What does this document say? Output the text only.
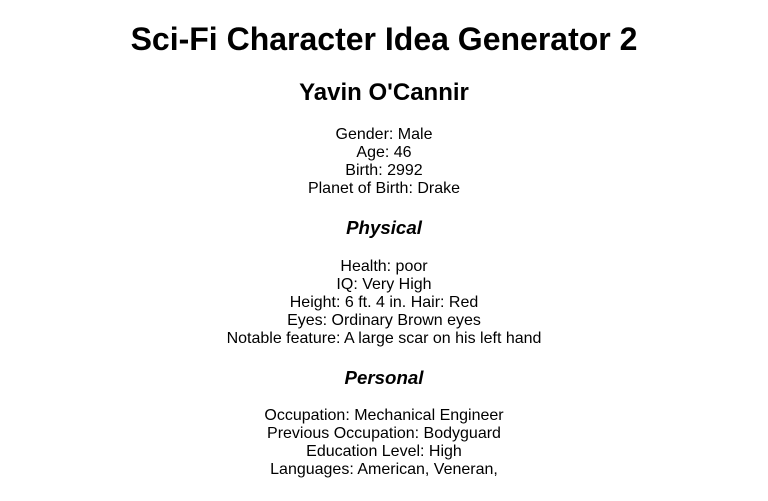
Sci-Fi Character Idea Generator 2
Yavin O'Cannir
Gender: Male
Age: 46
Birth: 2992
Planet of Birth: Drake
Physical
Health: poor
IQ: Very High
Height: 6 ft. 4 in. Hair: Red
Eyes: Ordinary Brown eyes
Notable feature: A large scar on his left hand
Personal
Occupation: Mechanical Engineer
Previous Occupation: Bodyguard
Education Level: High
Languages: American, Veneran,
